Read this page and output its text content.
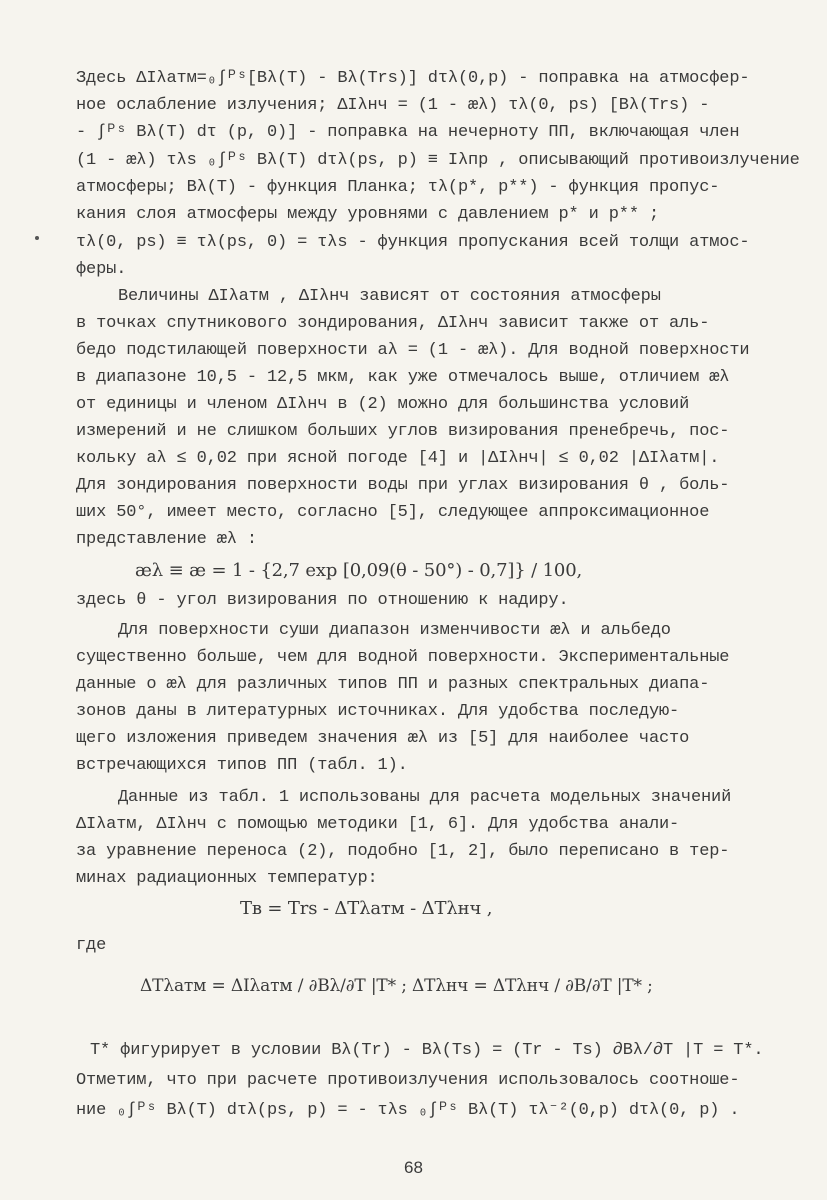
Здесь ΔIλатм=₀∫ᴾˢ[Bλ(T) - Bλ(Trs)] dτλ(0,p) - поправка на атмосфер-
ное ослабление излучения; ΔIλнч = (1 - æλ) τλ(0, ps) [Bλ(Trs) -
- ∫ᴾˢ Bλ(T) dτ (p, 0)] - поправка на нечерноту ПП, включающая член
(1 - æλ) τλs ₀∫ᴾˢ Bλ(T) dτλ(ps, p) ≡ Iλпр , описывающий противоизлучение
атмосферы; Bλ(T) - функция Планка; τλ(p*, p**) - функция пропус-
кания слоя атмосферы между уровнями с давлением p* и p** ;
τλ(0, ps) ≡ τλ(ps, 0) = τλs - функция пропускания всей толщи атмос-
феры.
Величины ΔIλатм , ΔIλнч зависят от состояния атмосферы
в точках спутникового зондирования, ΔIλнч зависит также от аль-
бедо подстилающей поверхности aλ = (1 - æλ). Для водной поверхности
в диапазоне 10,5 - 12,5 мкм, как уже отмечалось выше, отличием æλ
от единицы и членом ΔIλнч в (2) можно для большинства условий
измерений и не слишком больших углов визирования пренебречь, пос-
кольку aλ ≤ 0,02 при ясной погоде [4] и |ΔIλнч| ≤ 0,02 |ΔIλатм|.
Для зондирования поверхности воды при углах визирования θ , боль-
ших 50°, имеет место, согласно [5], следующее аппроксимационное
представление æλ :
æλ ≡ æ = 1 - {2,7 exp [0,09(θ - 50°) - 0,7]} / 100,
здесь θ - угол визирования по отношению к надиру.
Для поверхности суши диапазон изменчивости æλ и альбедо
существенно больше, чем для водной поверхности. Экспериментальные
данные о æλ для различных типов ПП и разных спектральных диапа-
зонов даны в литературных источниках. Для удобства последую-
щего изложения приведем значения æλ из [5] для наиболее часто
встречающихся типов ПП (табл. 1).
Данные из табл. 1 использованы для расчета модельных значений
ΔIλатм, ΔIλнч с помощью методики [1, 6]. Для удобства анали-
за уравнение переноса (2), подобно [1, 2], было переписано в тер-
минах радиационных температур:
Tв = Trs - ΔTλатм - ΔTλнч ,
где
ΔTλатм = ΔIλатм / ∂Bλ/∂T |T* ; ΔTλнч = ΔTλнч / ∂B/∂T |T* ;
T* фигурирует в условии Bλ(Tr) - Bλ(Ts) = (Tr - Ts) ∂Bλ/∂T |T = T*.
Отметим, что при расчете противоизлучения использовалось соотноше-
ние ₀∫ᴾˢ Bλ(T) dτλ(ps, p) = - τλs ₀∫ᴾˢ Bλ(T) τλ⁻²(0,p) dτλ(0, p) .
68
